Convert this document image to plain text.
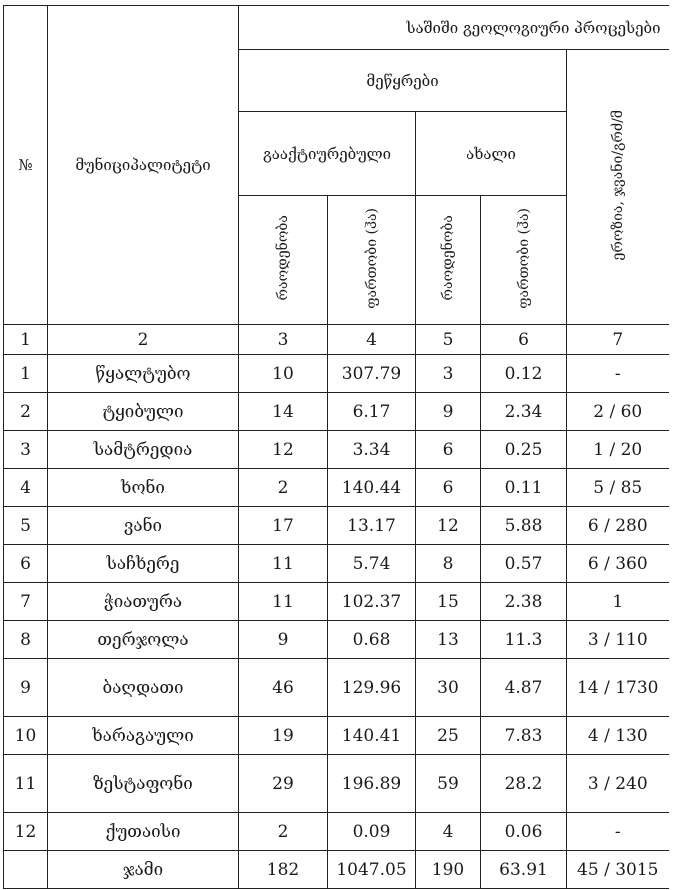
№	მუნიციპალიტეტი	საშიში გეოლოგიური პროცესები				
		მეწყრები				ეროზია, ჯვანი/გრძ/მ
		გააქტიურებული		ახალი		
		რაოდენობა	ფართობი (ჰა)	რაოდენობა	ფართობი (ჰა)	
1	2	3	4	5	6	7
1	წყალტუბო	10	307.79	3	0.12	-
2	ტყიბული	14	6.17	9	2.34	2 / 60
3	სამტრედია	12	3.34	6	0.25	1 / 20
4	ხონი	2	140.44	6	0.11	5 / 85
5	ვანი	17	13.17	12	5.88	6 / 280
6	საჩხერე	11	5.74	8	0.57	6 / 360
7	ჭიათურა	11	102.37	15	2.38	1
8	თერჯოლა	9	0.68	13	11.3	3 / 110
9	ბაღდათი	46	129.96	30	4.87	14 / 1730
10	ხარაგაული	19	140.41	25	7.83	4 / 130
11	ზესტაფონი	29	196.89	59	28.2	3 / 240
12	ქუთაისი	2	0.09	4	0.06	-
	ჯამი	182	1047.05	190	63.91	45 / 3015
